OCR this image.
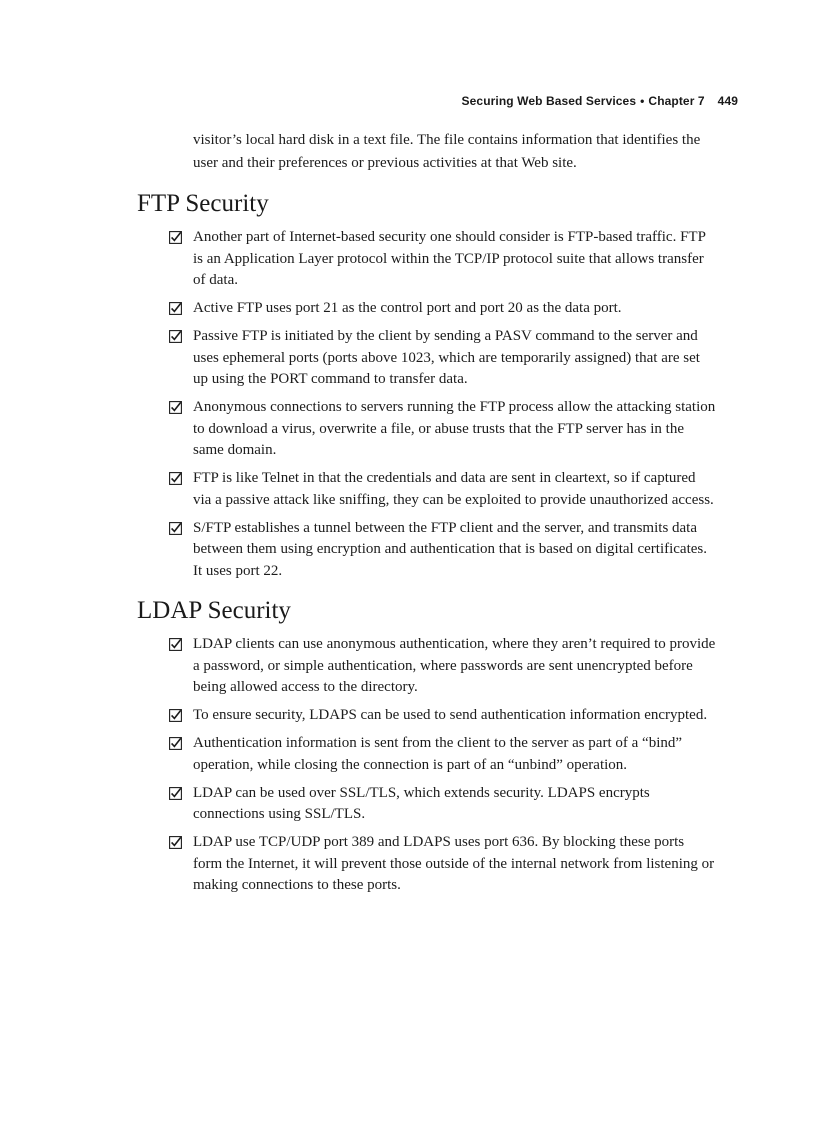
Securing Web Based Services • Chapter 7 449

visitor’s local hard disk in a text file. The file contains information that identifies the user and their preferences or previous activities at that Web site.

FTP Security
Another part of Internet-based security one should consider is FTP-based traffic. FTP is an Application Layer protocol within the TCP/IP protocol suite that allows transfer of data.
Active FTP uses port 21 as the control port and port 20 as the data port.
Passive FTP is initiated by the client by sending a PASV command to the server and uses ephemeral ports (ports above 1023, which are temporarily assigned) that are set up using the PORT command to transfer data.
Anonymous connections to servers running the FTP process allow the attacking station to download a virus, overwrite a file, or abuse trusts that the FTP server has in the same domain.
FTP is like Telnet in that the credentials and data are sent in cleartext, so if captured via a passive attack like sniffing, they can be exploited to provide unauthorized access.
S/FTP establishes a tunnel between the FTP client and the server, and transmits data between them using encryption and authentication that is based on digital certificates. It uses port 22.
LDAP Security
LDAP clients can use anonymous authentication, where they aren’t required to provide a password, or simple authentication, where passwords are sent unencrypted before being allowed access to the directory.
To ensure security, LDAPS can be used to send authentication information encrypted.
Authentication information is sent from the client to the server as part of a “bind” operation, while closing the connection is part of an “unbind” operation.
LDAP can be used over SSL/TLS, which extends security. LDAPS encrypts connections using SSL/TLS.
LDAP use TCP/UDP port 389 and LDAPS uses port 636. By blocking these ports form the Internet, it will prevent those outside of the internal network from listening or making connections to these ports.
